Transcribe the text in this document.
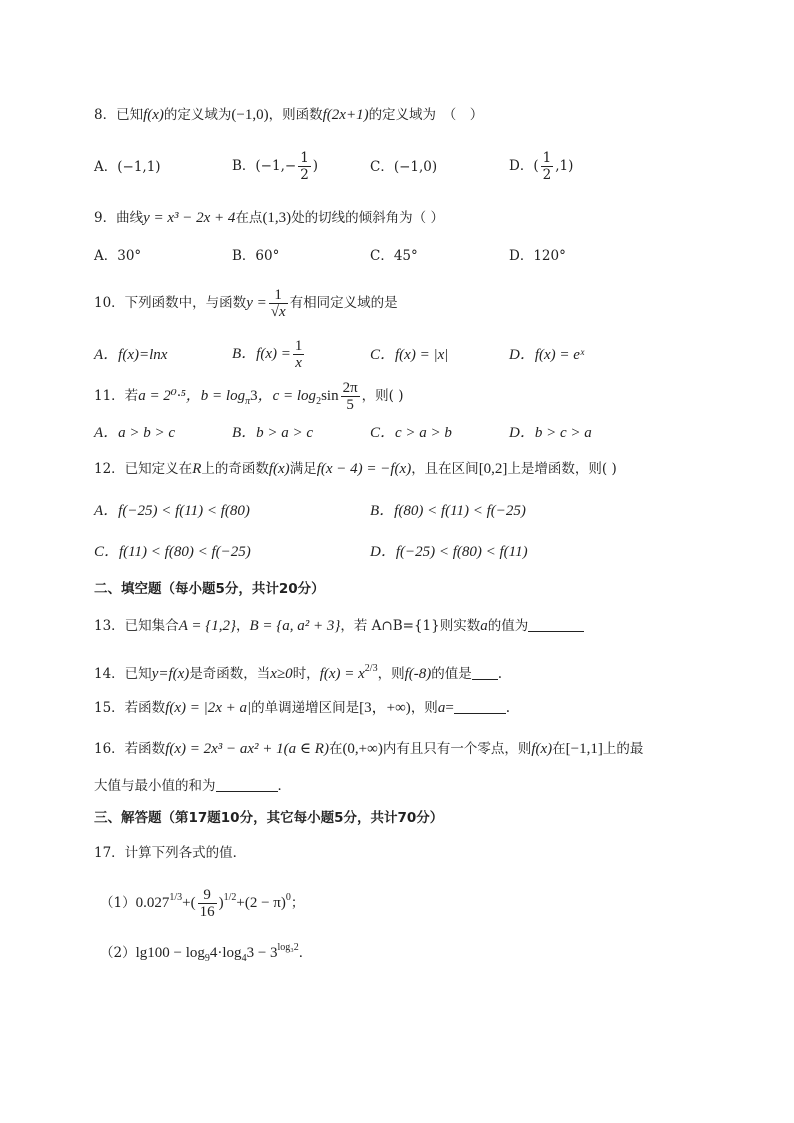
8．已知f(x)的定义域为(−1,0)，则函数f(2x+1)的定义域为　（　）
A．(−1,1)	B．($-1,- \frac{1}{2}$ )	C．(−1,0)	D．( $\frac{1}{2} ,1$)
9．曲线y = x³ − 2x + 4在点(1,3)处的切线的倾斜角为（ ）
A．30°	B．60°	C．45°	D．120°
10．下列函数中，与函数$y = \frac{1}{√x}$ 有相同定义域的是
A．f(x)=lnx	B．$f(x) = \frac{1}{x}$	C．f(x) = |x|	D．f(x) = eˣ
11．若a = 2⁰·⁵，$b = \log_\pi 3$，$c = \log_2\sin \frac{2\pi}{5}$ ，则( )
A．a > b > c	B．b > a > c	C．c > a > b	D．b > c > a
12．已知定义在R上的奇函数f(x)满足f(x − 4) = −f(x)，且在区间[0,2]上是增函数，则( )
A．f(−25) < f(11) < f(80)	B．f(80) < f(11) < f(−25)
C．f(11) < f(80) < f(−25)	D．f(−25) < f(80) < f(11)
二、填空题（每小题5分，共计20分）
13．已知集合A = {1,2}，B = {a, a² + 3}，若 A∩B={1}则实数a的值为
14．已知y=f(x)是奇函数，当x≥0时，$f(x) = x^{2/3}$，则f(-8)的值是 .
15．若函数f(x) = |2x + a|的单调递增区间是[3，+∞)，则a=	.
16．若函数f(x) = 2x³ − ax² + 1(a ∈ R)在(0,+∞)内有且只有一个零点，则f(x)在[−1,1]上的最
大值与最小值的和为	．
三、解答题（第17题10分，其它每小题5分，共计70分）
17．计算下列各式的值．
$(1)0.027^{1/3}+( \frac{9}{16} )^{1/2}+(2 - \pi)^0$；
$(2)\lg 100 - \log_94\cdot\log_43 - 3^{log_32}$．
